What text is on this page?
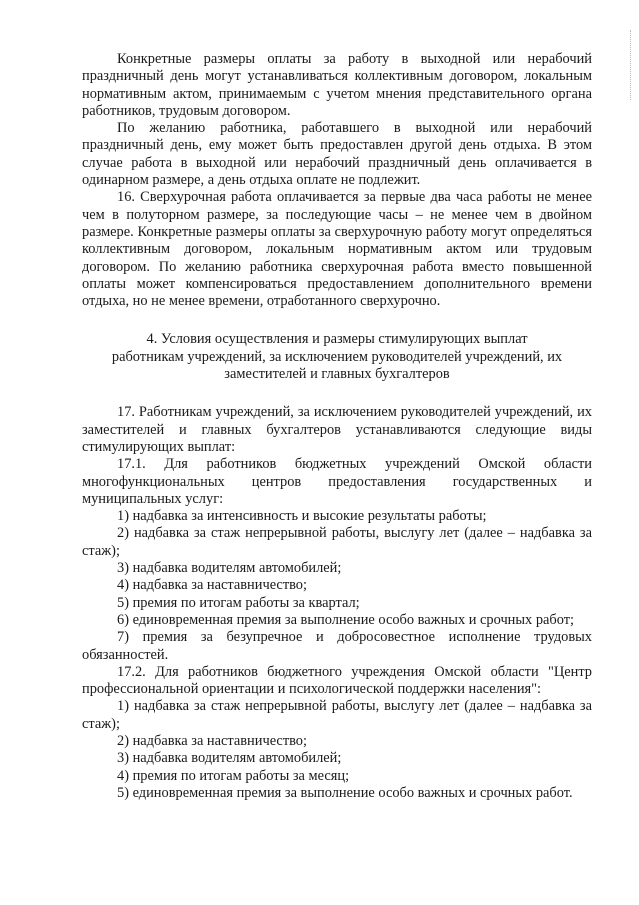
Конкретные размеры оплаты за работу в выходной или нерабочий праздничный день могут устанавливаться коллективным договором, локальным нормативным актом, принимаемым с учетом мнения представительного органа работников, трудовым договором.

По желанию работника, работавшего в выходной или нерабочий праздничный день, ему может быть предоставлен другой день отдыха. В этом случае работа в выходной или нерабочий праздничный день оплачивается в одинарном размере, а день отдыха оплате не подлежит.

16. Сверхурочная работа оплачивается за первые два часа работы не менее чем в полуторном размере, за последующие часы – не менее чем в двойном размере. Конкретные размеры оплаты за сверхурочную работу могут определяться коллективным договором, локальным нормативным актом или трудовым договором. По желанию работника сверхурочная работа вместо повышенной оплаты может компенсироваться предоставлением дополнительного времени отдыха, но не менее времени, отработанного сверхурочно.

4. Условия осуществления и размеры стимулирующих выплат
работникам учреждений, за исключением руководителей учреждений, их
заместителей и главных бухгалтеров

17. Работникам учреждений, за исключением руководителей учреждений, их заместителей и главных бухгалтеров устанавливаются следующие виды стимулирующих выплат:

17.1. Для работников бюджетных учреждений Омской области многофункциональных центров предоставления государственных и муниципальных услуг:

1) надбавка за интенсивность и высокие результаты работы;

2) надбавка за стаж непрерывной работы, выслугу лет (далее – надбавка за стаж);

3) надбавка водителям автомобилей;

4) надбавка за наставничество;

5) премия по итогам работы за квартал;

6) единовременная премия за выполнение особо важных и срочных работ;

7) премия за безупречное и добросовестное исполнение трудовых обязанностей.

17.2. Для работников бюджетного учреждения Омской области "Центр профессиональной ориентации и психологической поддержки населения":

1) надбавка за стаж непрерывной работы, выслугу лет (далее – надбавка за стаж);

2) надбавка за наставничество;

3) надбавка водителям автомобилей;

4) премия по итогам работы за месяц;

5) единовременная премия за выполнение особо важных и срочных работ.
